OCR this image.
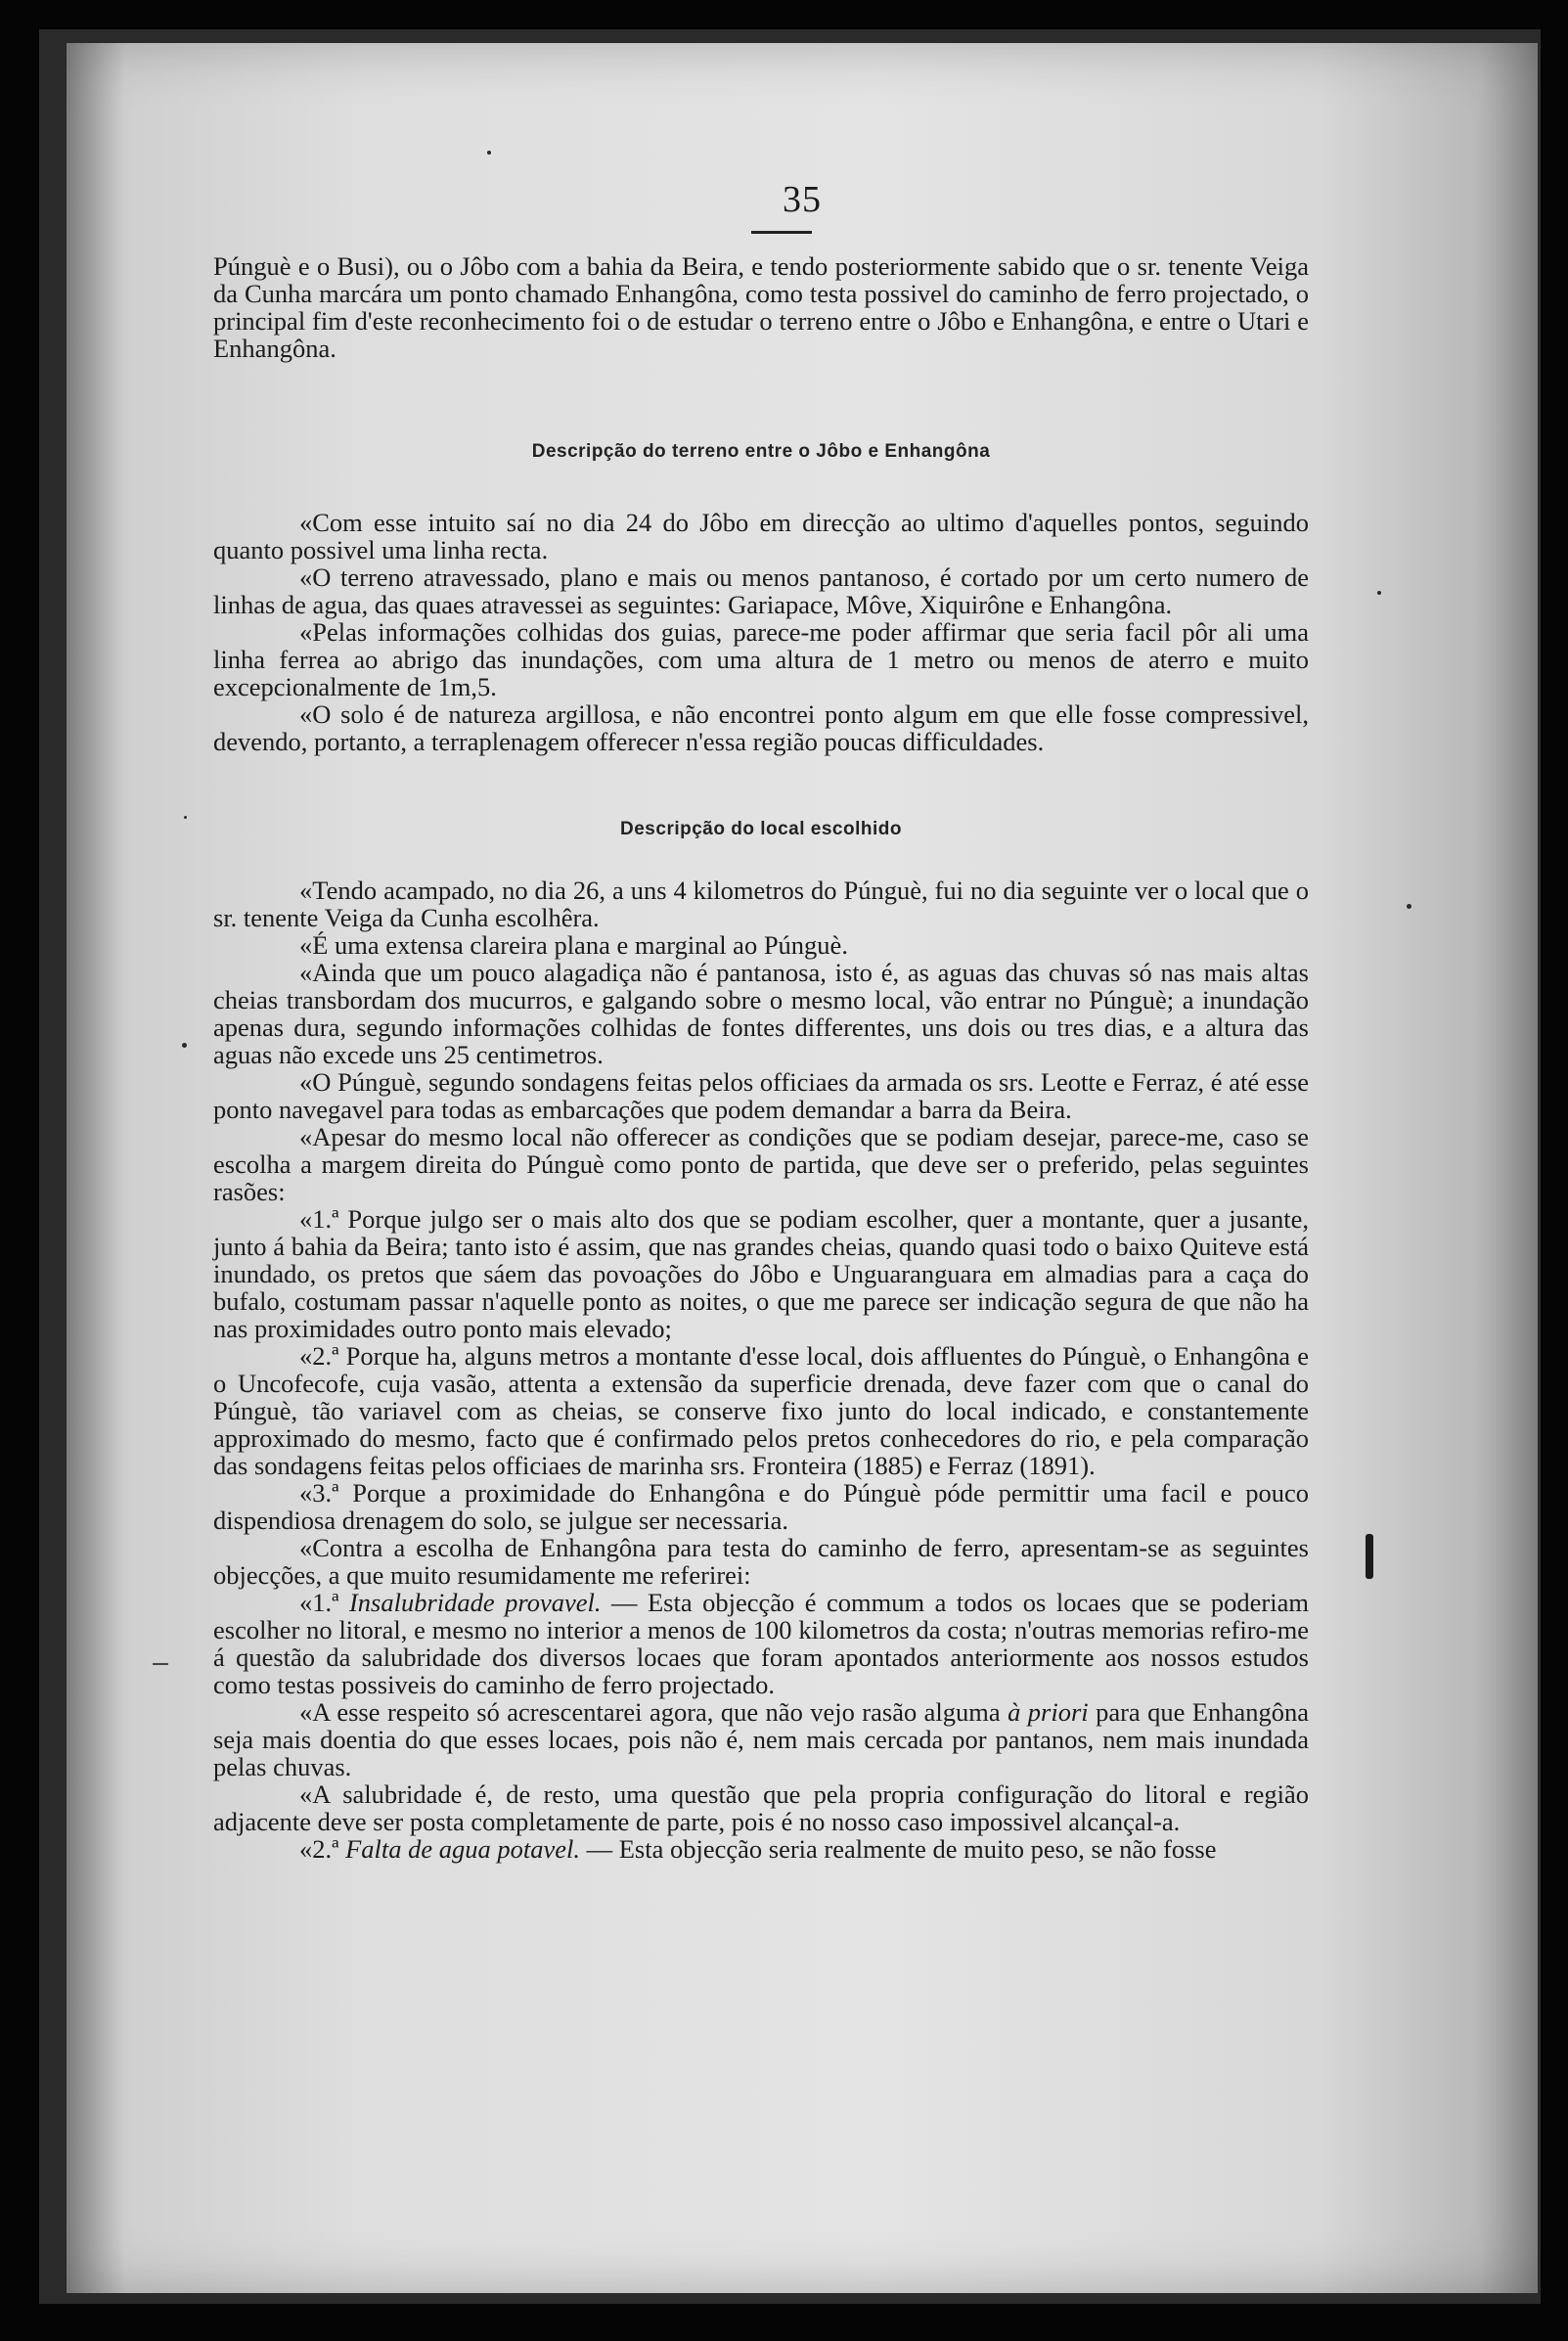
35

Púnguè e o Busi), ou o Jôbo com a bahia da Beira, e tendo posteriormente sabido que o sr. tenente Veiga da Cunha marcára um ponto chamado Enhangôna, como testa possivel do caminho de ferro projectado, o principal fim d'este reconhecimento foi o de estudar o terreno entre o Jôbo e Enhangôna, e entre o Utari e Enhangôna.

Descripção do terreno entre o Jôbo e Enhangôna

«Com esse intuito saí no dia 24 do Jôbo em direcção ao ultimo d'aquelles pontos, seguindo quanto possivel uma linha recta.

«O terreno atravessado, plano e mais ou menos pantanoso, é cortado por um certo numero de linhas de agua, das quaes atravessei as seguintes: Gariapace, Môve, Xiquirône e Enhangôna.

«Pelas informações colhidas dos guias, parece-me poder affirmar que seria facil pôr ali uma linha ferrea ao abrigo das inundações, com uma altura de 1 metro ou menos de aterro e muito excepcionalmente de 1m,5.

«O solo é de natureza argillosa, e não encontrei ponto algum em que elle fosse compressivel, devendo, portanto, a terraplenagem offerecer n'essa região poucas difficuldades.

Descripção do local escolhido

«Tendo acampado, no dia 26, a uns 4 kilometros do Púnguè, fui no dia seguinte ver o local que o sr. tenente Veiga da Cunha escolhêra.

«É uma extensa clareira plana e marginal ao Púnguè.

«Ainda que um pouco alagadiça não é pantanosa, isto é, as aguas das chuvas só nas mais altas cheias transbordam dos mucurros, e galgando sobre o mesmo local, vão entrar no Púnguè; a inundação apenas dura, segundo informações colhidas de fontes differentes, uns dois ou tres dias, e a altura das aguas não excede uns 25 centimetros.

«O Púnguè, segundo sondagens feitas pelos officiaes da armada os srs. Leotte e Ferraz, é até esse ponto navegavel para todas as embarcações que podem demandar a barra da Beira.

«Apesar do mesmo local não offerecer as condições que se podiam desejar, parece-me, caso se escolha a margem direita do Púnguè como ponto de partida, que deve ser o preferido, pelas seguintes rasões:

«1.ª Porque julgo ser o mais alto dos que se podiam escolher, quer a montante, quer a jusante, junto á bahia da Beira; tanto isto é assim, que nas grandes cheias, quando quasi todo o baixo Quiteve está inundado, os pretos que sáem das povoações do Jôbo e Unguaranguara em almadias para a caça do bufalo, costumam passar n'aquelle ponto as noites, o que me parece ser indicação segura de que não ha nas proximidades outro ponto mais elevado;

«2.ª Porque ha, alguns metros a montante d'esse local, dois affluentes do Púnguè, o Enhangôna e o Uncofecofe, cuja vasão, attenta a extensão da superficie drenada, deve fazer com que o canal do Púnguè, tão variavel com as cheias, se conserve fixo junto do local indicado, e constantemente approximado do mesmo, facto que é confirmado pelos pretos conhecedores do rio, e pela comparação das sondagens feitas pelos officiaes de marinha srs. Fronteira (1885) e Ferraz (1891).

«3.ª Porque a proximidade do Enhangôna e do Púnguè póde permittir uma facil e pouco dispendiosa drenagem do solo, se julgue ser necessaria.

«Contra a escolha de Enhangôna para testa do caminho de ferro, apresentam-se as seguintes objecções, a que muito resumidamente me referirei:

«1.ª Insalubridade provavel. — Esta objecção é commum a todos os locaes que se poderiam escolher no litoral, e mesmo no interior a menos de 100 kilometros da costa; n'outras memorias refiro-me á questão da salubridade dos diversos locaes que foram apontados anteriormente aos nossos estudos como testas possiveis do caminho de ferro projectado.

«A esse respeito só acrescentarei agora, que não vejo rasão alguma à priori para que Enhangôna seja mais doentia do que esses locaes, pois não é, nem mais cercada por pantanos, nem mais inundada pelas chuvas.

«A salubridade é, de resto, uma questão que pela propria configuração do litoral e região adjacente deve ser posta completamente de parte, pois é no nosso caso impossivel alcançal-a.

«2.ª Falta de agua potavel. — Esta objecção seria realmente de muito peso, se não fosse
